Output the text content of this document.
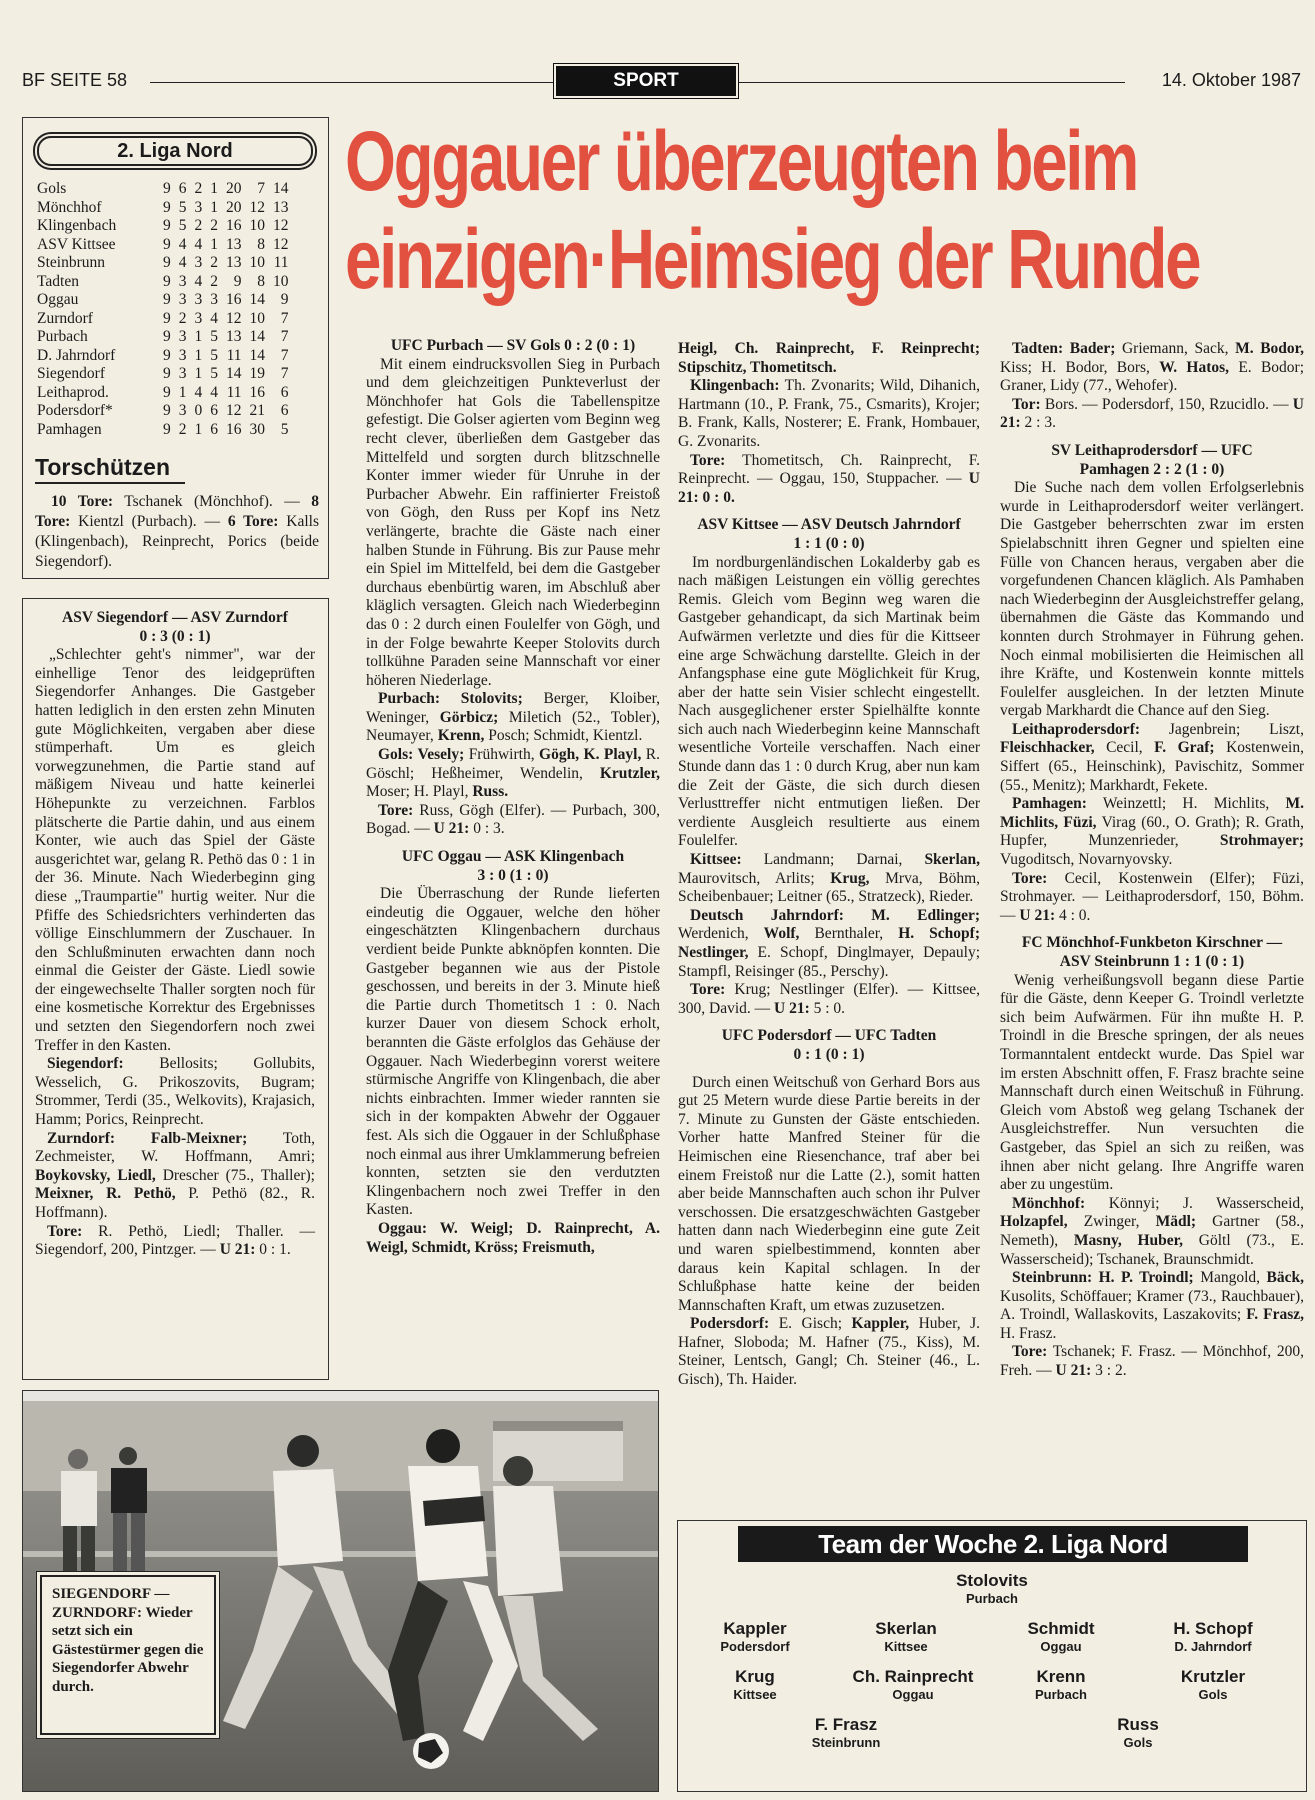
BF SEITE 58	SPORT	14. Oktober 1987
Oggauer überzeugten beim
einzigen·Heimsieg der Runde
2. Liga Nord
Gols	9	6	2	1	20	7	14
Mönchhof	9	5	3	1	20	12	13
Klingenbach	9	5	2	2	16	10	12
ASV Kittsee	9	4	4	1	13	8	12
Steinbrunn	9	4	3	2	13	10	11
Tadten	9	3	4	2	9	8	10
Oggau	9	3	3	3	16	14	9
Zurndorf	9	2	3	4	12	10	7
Purbach	9	3	1	5	13	14	7
D. Jahrndorf	9	3	1	5	11	14	7
Siegendorf	9	3	1	5	14	19	7
Leithaprod.	9	1	4	4	11	16	6
Podersdorf*	9	3	0	6	12	21	6
Pamhagen	9	2	1	6	16	30	5
Torschützen
10 Tore: Tschanek (Mönchhof). — 8 Tore: Kientzl (Purbach). — 6 Tore: Kalls (Klingenbach), Reinprecht, Porics (beide Siegendorf).
ASV Siegendorf — ASV Zurndorf
0 : 3 (0 : 1)

„Schlechter geht's nimmer", war der einhellige Tenor des leidgeprüften Siegendorfer Anhanges. Die Gastgeber hatten lediglich in den ersten zehn Minuten gute Möglichkeiten, vergaben aber diese stümperhaft. Um es gleich vorwegzunehmen, die Partie stand auf mäßigem Niveau und hatte keinerlei Höhepunkte zu verzeichnen. Farblos plätscherte die Partie dahin, und aus einem Konter, wie auch das Spiel der Gäste ausgerichtet war, gelang R. Pethö das 0 : 1 in der 36. Minute. Nach Wiederbeginn ging diese „Traumpartie" hurtig weiter. Nur die Pfiffe des Schiedsrichters verhinderten das völlige Einschlummern der Zuschauer. In den Schlußminuten erwachten dann noch einmal die Geister der Gäste. Liedl sowie der eingewechselte Thaller sorgten noch für eine kosmetische Korrektur des Ergebnisses und setzten den Siegendorfern noch zwei Treffer in den Kasten.

Siegendorf: Bellosits; Gollubits, Wesselich, G. Prikoszovits, Bugram; Strommer, Terdi (35., Welkovits), Krajasich, Hamm; Porics, Reinprecht.

Zurndorf: Falb-Meixner; Toth, Zechmeister, W. Hoffmann, Amri; Boykovsky, Liedl, Drescher (75., Thaller); Meixner, R. Pethö, P. Pethö (82., R. Hoffmann).

Tore: R. Pethö, Liedl; Thaller. — Siegendorf, 200, Pintzger. — U 21: 0 : 1.

UFC Purbach — SV Gols 0 : 2 (0 : 1)

Mit einem eindrucksvollen Sieg in Purbach und dem gleichzeitigen Punkteverlust der Mönchhofer hat Gols die Tabellenspitze gefestigt. Die Golser agierten vom Beginn weg recht clever, überließen dem Gastgeber das Mittelfeld und sorgten durch blitzschnelle Konter immer wieder für Unruhe in der Purbacher Abwehr. Ein raffinierter Freistoß von Gögh, den Russ per Kopf ins Netz verlängerte, brachte die Gäste nach einer halben Stunde in Führung. Bis zur Pause mehr ein Spiel im Mittelfeld, bei dem die Gastgeber durchaus ebenbürtig waren, im Abschluß aber kläglich versagten. Gleich nach Wiederbeginn das 0 : 2 durch einen Foulelfer von Gögh, und in der Folge bewahrte Keeper Stolovits durch tollkühne Paraden seine Mannschaft vor einer höheren Niederlage.

Purbach: Stolovits; Berger, Kloiber, Weninger, Görbicz; Miletich (52., Tobler), Neumayer, Krenn, Posch; Schmidt, Kientzl.

Gols: Vesely; Frühwirth, Gögh, K. Playl, R. Göschl; Heßheimer, Wendelin, Krutzler, Moser; H. Playl, Russ.

Tore: Russ, Gögh (Elfer). — Purbach, 300, Bogad. — U 21: 0 : 3.

UFC Oggau — ASK Klingenbach
3 : 0 (1 : 0)

Die Überraschung der Runde lieferten eindeutig die Oggauer, welche den höher eingeschätzten Klingenbachern durchaus verdient beide Punkte abknöpfen konnten. Die Gastgeber begannen wie aus der Pistole geschossen, und bereits in der 3. Minute hieß die Partie durch Thometitsch 1 : 0. Nach kurzer Dauer von diesem Schock erholt, berannten die Gäste erfolglos das Gehäuse der Oggauer. Nach Wiederbeginn vorerst weitere stürmische Angriffe von Klingenbach, die aber nichts einbrachten. Immer wieder rannten sie sich in der kompakten Abwehr der Oggauer fest. Als sich die Oggauer in der Schlußphase noch einmal aus ihrer Umklammerung befreien konnten, setzten sie den verdutzten Klingenbachern noch zwei Treffer in den Kasten.

Oggau: W. Weigl; D. Rainprecht, A. Weigl, Schmidt, Kröss; Freismuth,

Heigl, Ch. Rainprecht, F. Reinprecht; Stipschitz, Thometitsch.

Klingenbach: Th. Zvonarits; Wild, Dihanich, Hartmann (10., P. Frank, 75., Csmarits), Krojer; B. Frank, Kalls, Nosterer; E. Frank, Hombauer, G. Zvonarits.

Tore: Thometitsch, Ch. Rainprecht, F. Reinprecht. — Oggau, 150, Stuppacher. — U 21: 0 : 0.

ASV Kittsee — ASV Deutsch Jahrndorf
1 : 1 (0 : 0)

Im nordburgenländischen Lokalderby gab es nach mäßigen Leistungen ein völlig gerechtes Remis. Gleich vom Beginn weg waren die Gastgeber gehandicapt, da sich Martinak beim Aufwärmen verletzte und dies für die Kittseer eine arge Schwächung darstellte. Gleich in der Anfangsphase eine gute Möglichkeit für Krug, aber der hatte sein Visier schlecht eingestellt. Nach ausgeglichener erster Spielhälfte konnte sich auch nach Wiederbeginn keine Mannschaft wesentliche Vorteile verschaffen. Nach einer Stunde dann das 1 : 0 durch Krug, aber nun kam die Zeit der Gäste, die sich durch diesen Verlusttreffer nicht entmutigen ließen. Der verdiente Ausgleich resultierte aus einem Foulelfer.

Kittsee: Landmann; Darnai, Skerlan, Maurovitsch, Arlits; Krug, Mrva, Böhm, Scheibenbauer; Leitner (65., Stratzeck), Rieder.

Deutsch Jahrndorf: M. Edlinger; Werdenich, Wolf, Bernthaler, H. Schopf; Nestlinger, E. Schopf, Dinglmayer, Depauly; Stampfl, Reisinger (85., Perschy).

Tore: Krug; Nestlinger (Elfer). — Kittsee, 300, David. — U 21: 5 : 0.

UFC Podersdorf — UFC Tadten
0 : 1 (0 : 1)

Durch einen Weitschuß von Gerhard Bors aus gut 25 Metern wurde diese Partie bereits in der 7. Minute zu Gunsten der Gäste entschieden. Vorher hatte Manfred Steiner für die Heimischen eine Riesenchance, traf aber bei einem Freistoß nur die Latte (2.), somit hatten aber beide Mannschaften auch schon ihr Pulver verschossen. Die ersatzgeschwächten Gastgeber hatten dann nach Wiederbeginn eine gute Zeit und waren spielbestimmend, konnten aber daraus kein Kapital schlagen. In der Schlußphase hatte keine der beiden Mannschaften Kraft, um etwas zuzusetzen.

Podersdorf: E. Gisch; Kappler, Huber, J. Hafner, Sloboda; M. Hafner (75., Kiss), M. Steiner, Lentsch, Gangl; Ch. Steiner (46., L. Gisch), Th. Haider.

Tadten: Bader; Griemann, Sack, M. Bodor, Kiss; H. Bodor, Bors, W. Hatos, E. Bodor; Graner, Lidy (77., Wehofer).

Tor: Bors. — Podersdorf, 150, Rzucidlo. — U 21: 2 : 3.

SV Leithaprodersdorf — UFC
Pamhagen 2 : 2 (1 : 0)

Die Suche nach dem vollen Erfolgserlebnis wurde in Leithaprodersdorf weiter verlängert. Die Gastgeber beherrschten zwar im ersten Spielabschnitt ihren Gegner und spielten eine Fülle von Chancen heraus, vergaben aber die vorgefundenen Chancen kläglich. Als Pamhaben nach Wiederbeginn der Ausgleichstreffer gelang, übernahmen die Gäste das Kommando und konnten durch Strohmayer in Führung gehen. Noch einmal mobilisierten die Heimischen all ihre Kräfte, und Kostenwein konnte mittels Foulelfer ausgleichen. In der letzten Minute vergab Markhardt die Chance auf den Sieg.

Leithaprodersdorf: Jagenbrein; Liszt, Fleischhacker, Cecil, F. Graf; Kostenwein, Siffert (65., Heinschink), Pavischitz, Sommer (55., Menitz); Markhardt, Fekete.

Pamhagen: Weinzettl; H. Michlits, M. Michlits, Füzi, Virag (60., O. Grath); R. Grath, Hupfer, Munzenrieder, Strohmayer; Vugoditsch, Novarnyovsky.

Tore: Cecil, Kostenwein (Elfer); Füzi, Strohmayer. — Leithaprodersdorf, 150, Böhm. — U 21: 4 : 0.

FC Mönchhof-Funkbeton Kirschner —
ASV Steinbrunn 1 : 1 (0 : 1)

Wenig verheißungsvoll begann diese Partie für die Gäste, denn Keeper G. Troindl verletzte sich beim Aufwärmen. Für ihn mußte H. P. Troindl in die Bresche springen, der als neues Tormanntalent entdeckt wurde. Das Spiel war im ersten Abschnitt offen, F. Frasz brachte seine Mannschaft durch einen Weitschuß in Führung. Gleich vom Abstoß weg gelang Tschanek der Ausgleichstreffer. Nun versuchten die Gastgeber, das Spiel an sich zu reißen, was ihnen aber nicht gelang. Ihre Angriffe waren aber zu ungestüm.

Mönchhof: Könnyi; J. Wasserscheid, Holzapfel, Zwinger, Mädl; Gartner (58., Nemeth), Masny, Huber, Göltl (73., E. Wasserscheid); Tschanek, Braunschmidt.

Steinbrunn: H. P. Troindl; Mangold, Bäck, Kusolits, Schöffauer; Kramer (73., Rauchbauer), A. Troindl, Wallaskovits, Laszakovits; F. Frasz, H. Frasz.

Tore: Tschanek; F. Frasz. — Mönchhof, 200, Freh. — U 21: 3 : 2.

SIEGENDORF — ZURNDORF: Wieder setzt sich ein Gästestürmer gegen die Siegendorfer Abwehr durch.
Team der Woche 2. Liga Nord
Stolovits
Purbach
Kappler
Podersdorf
Skerlan
Kittsee
Schmidt
Oggau
H. Schopf
D. Jahrndorf
Krug
Kittsee
Ch. Rainprecht
Oggau
Krenn
Purbach
Krutzler
Gols
F. Frasz
Steinbrunn
Russ
Gols
